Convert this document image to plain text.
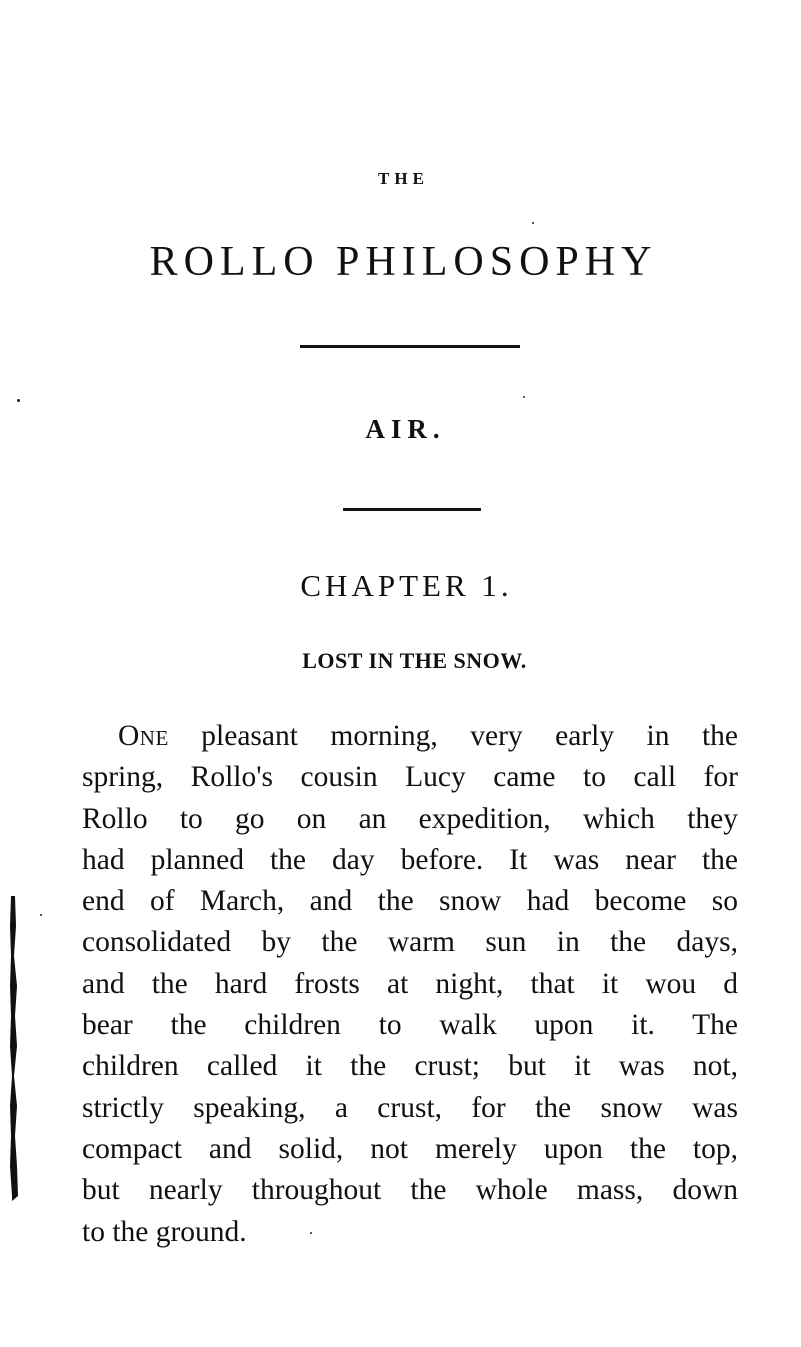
THE
ROLLO PHILOSOPHY
AIR.
CHAPTER 1.
LOST IN THE SNOW.
One pleasant morning, very early in the
spring, Rollo's cousin Lucy came to call for
Rollo to go on an expedition, which they
had planned the day before. It was near the
end of March, and the snow had become so
consolidated by the warm sun in the days,
and the hard frosts at night, that it wou d
bear the children to walk upon it. The
children called it the crust; but it was not,
strictly speaking, a crust, for the snow was
compact and solid, not merely upon the top,
but nearly throughout the whole mass, down
to the ground.
